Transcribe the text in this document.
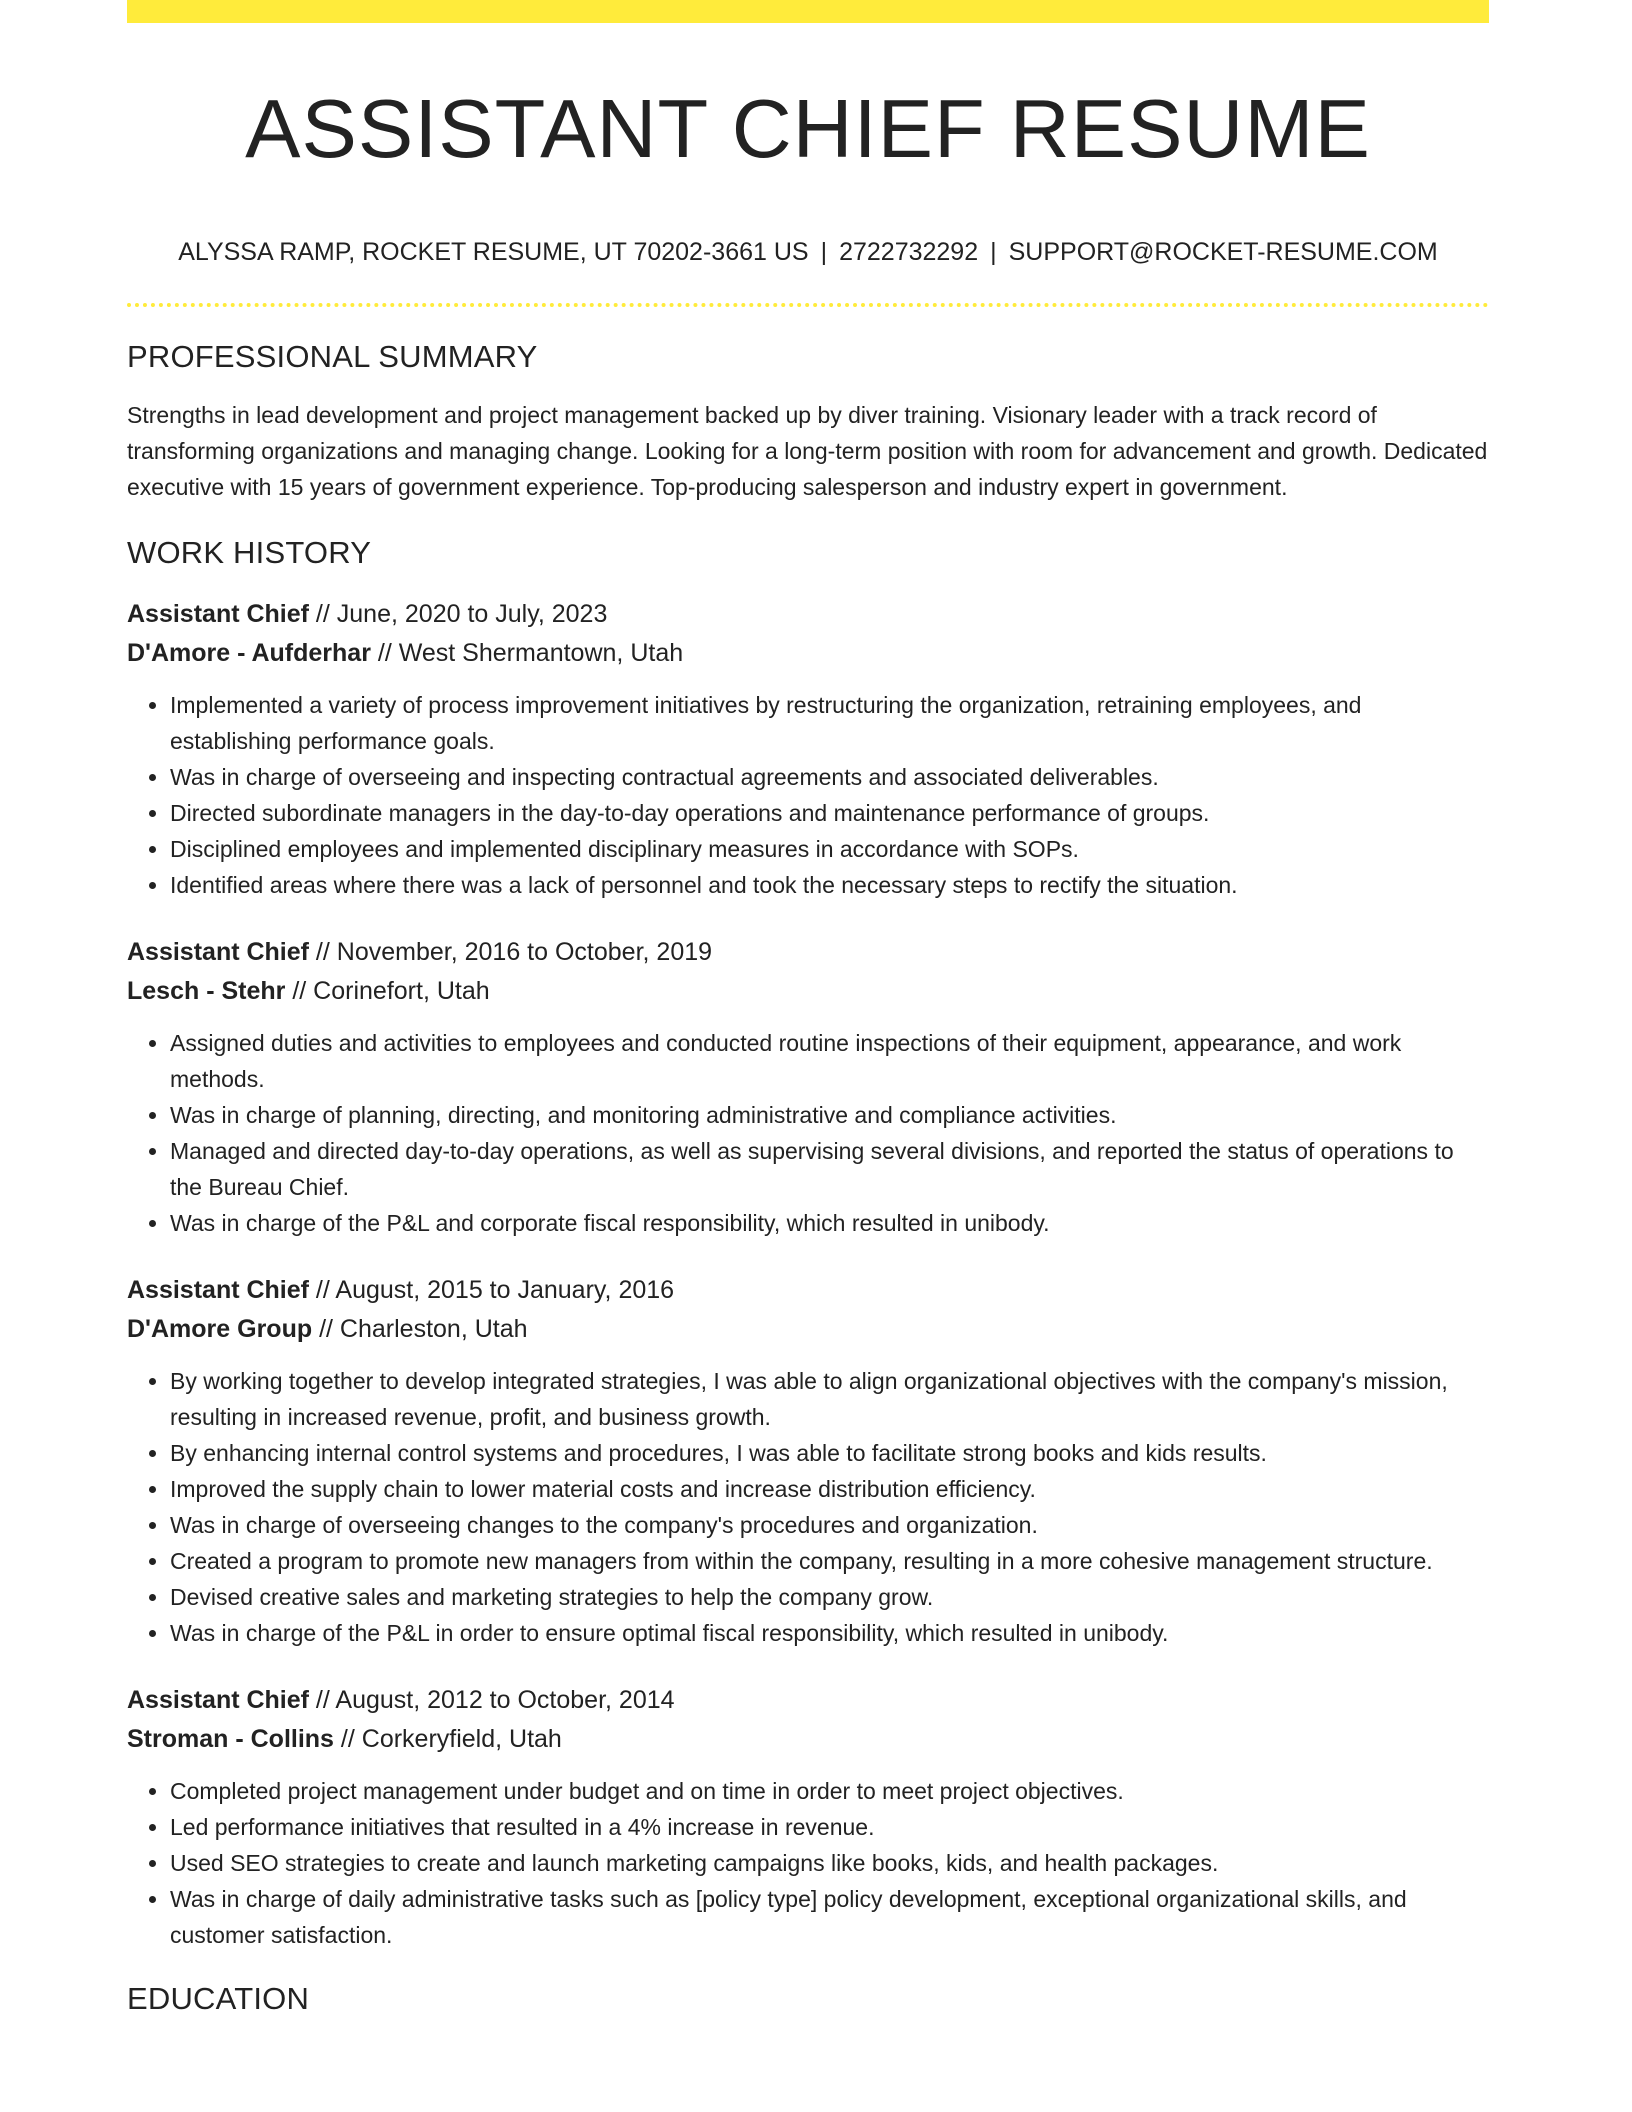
ASSISTANT CHIEF RESUME
ALYSSA RAMP, ROCKET RESUME, UT 70202-3661 US | 2722732292 | SUPPORT@ROCKET-RESUME.COM
PROFESSIONAL SUMMARY
Strengths in lead development and project management backed up by diver training. Visionary leader with a track record of transforming organizations and managing change. Looking for a long-term position with room for advancement and growth. Dedicated executive with 15 years of government experience. Top-producing salesperson and industry expert in government.
WORK HISTORY
Assistant Chief // June, 2020 to July, 2023
D'Amore - Aufderhar // West Shermantown, Utah
• Implemented a variety of process improvement initiatives by restructuring the organization, retraining employees, and establishing performance goals.
• Was in charge of overseeing and inspecting contractual agreements and associated deliverables.
• Directed subordinate managers in the day-to-day operations and maintenance performance of groups.
• Disciplined employees and implemented disciplinary measures in accordance with SOPs.
• Identified areas where there was a lack of personnel and took the necessary steps to rectify the situation.
Assistant Chief // November, 2016 to October, 2019
Lesch - Stehr // Corinefort, Utah
• Assigned duties and activities to employees and conducted routine inspections of their equipment, appearance, and work methods.
• Was in charge of planning, directing, and monitoring administrative and compliance activities.
• Managed and directed day-to-day operations, as well as supervising several divisions, and reported the status of operations to the Bureau Chief.
• Was in charge of the P&L and corporate fiscal responsibility, which resulted in unibody.
Assistant Chief // August, 2015 to January, 2016
D'Amore Group // Charleston, Utah
• By working together to develop integrated strategies, I was able to align organizational objectives with the company's mission, resulting in increased revenue, profit, and business growth.
• By enhancing internal control systems and procedures, I was able to facilitate strong books and kids results.
• Improved the supply chain to lower material costs and increase distribution efficiency.
• Was in charge of overseeing changes to the company's procedures and organization.
• Created a program to promote new managers from within the company, resulting in a more cohesive management structure.
• Devised creative sales and marketing strategies to help the company grow.
• Was in charge of the P&L in order to ensure optimal fiscal responsibility, which resulted in unibody.
Assistant Chief // August, 2012 to October, 2014
Stroman - Collins // Corkeryfield, Utah
• Completed project management under budget and on time in order to meet project objectives.
• Led performance initiatives that resulted in a 4% increase in revenue.
• Used SEO strategies to create and launch marketing campaigns like books, kids, and health packages.
• Was in charge of daily administrative tasks such as [policy type] policy development, exceptional organizational skills, and customer satisfaction.
EDUCATION
